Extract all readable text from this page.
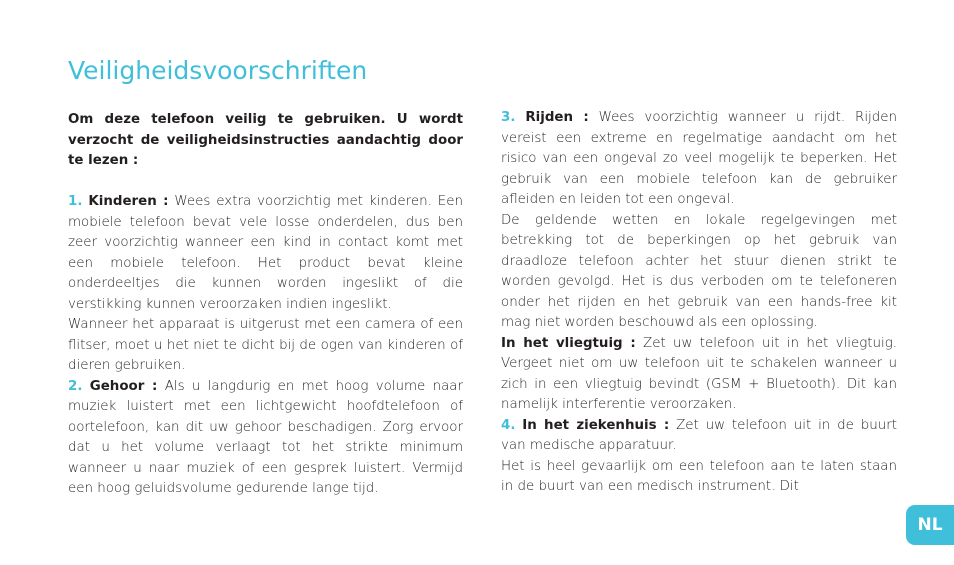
Veiligheidsvoorschriften

Om deze telefoon veilig te gebruiken. U wordt verzocht de veiligheidsinstructies aandachtig door te lezen :

1. Kinderen : Wees extra voorzichtig met kinderen. Een mobiele telefoon bevat vele losse onderdelen, dus ben zeer voorzichtig wanneer een kind in contact komt met een mobiele telefoon. Het product bevat kleine onderdeeltjes die kunnen worden ingeslikt of die verstikking kunnen veroorzaken indien ingeslikt.

Wanneer het apparaat is uitgerust met een camera of een flitser, moet u het niet te dicht bij de ogen van kinderen of dieren gebruiken.

2. Gehoor : Als u langdurig en met hoog volume naar muziek luistert met een lichtgewicht hoofdtelefoon of oortelefoon, kan dit uw gehoor beschadigen. Zorg ervoor dat u het volume verlaagt tot het strikte minimum wanneer u naar muziek of een gesprek luistert. Vermijd een hoog geluidsvolume gedurende lange tijd.

3. Rijden : Wees voorzichtig wanneer u rijdt. Rijden vereist een extreme en regelmatige aandacht om het risico van een ongeval zo veel mogelijk te beperken. Het gebruik van een mobiele telefoon kan de gebruiker afleiden en leiden tot een ongeval.

De geldende wetten en lokale regelgevingen met betrekking tot de beperkingen op het gebruik van draadloze telefoon achter het stuur dienen strikt te worden gevolgd. Het is dus verboden om te telefoneren onder het rijden en het gebruik van een hands-free kit mag niet worden beschouwd als een oplossing.

In het vliegtuig : Zet uw telefoon uit in het vliegtuig. Vergeet niet om uw telefoon uit te schakelen wanneer u zich in een vliegtuig bevindt (GSM + Bluetooth). Dit kan namelijk interferentie veroorzaken.

4. In het ziekenhuis : Zet uw telefoon uit in de buurt van medische apparatuur.

Het is heel gevaarlijk om een telefoon aan te laten staan in de buurt van een medisch instrument. Dit

NL
